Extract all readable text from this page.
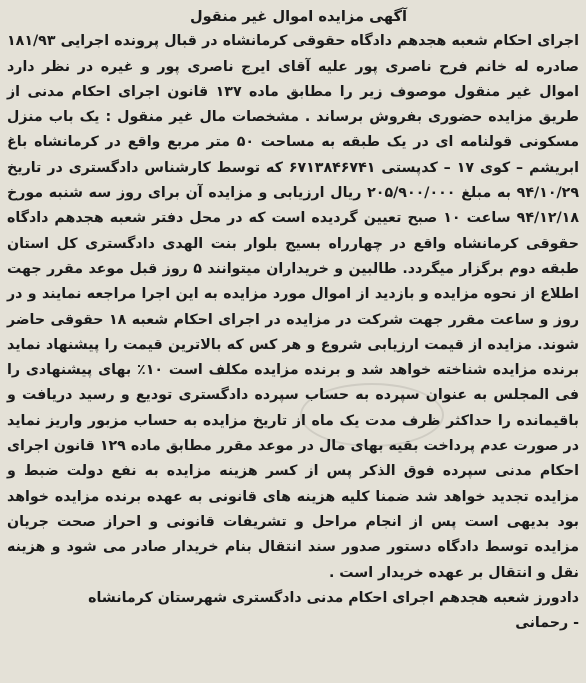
آگهی مزایده اموال غیر منقول

اجرای احکام شعبه هجدهم دادگاه حقوقی کرمانشاه در قبال پرونده اجرایی ۱۸۱/۹۳ صادره له خانم فرح ناصری پور علیه آقای ایرج ناصری پور و غیره در نظر دارد اموال غیر منقول موصوف زیر را مطابق ماده ۱۳۷ قانون اجرای احکام مدنی از طریق مزایده حضوری بفروش برساند . مشخصات مال غیر منقول : یک باب منزل مسکونی قولنامه ای در یک طبقه به مساحت ۵۰ متر مربع واقع در کرمانشاه باغ ابریشم – کوی ۱۷ – کدپستی ۶۷۱۳۸۴۶۷۴۱ که توسط کارشناس دادگستری در تاریخ ۹۴/۱۰/۲۹ به مبلغ ۲۰۵/۹۰۰/۰۰۰ ریال ارزیابی و مزایده آن برای روز سه شنبه مورخ ۹۴/۱۲/۱۸ ساعت ۱۰ صبح تعیین گردیده است که در محل دفتر شعبه هجدهم دادگاه حقوقی کرمانشاه واقع در چهارراه بسیج بلوار بنت الهدی دادگستری کل استان طبقه دوم برگزار میگردد. طالبین و خریداران میتوانند ۵ روز قبل موعد مقرر جهت اطلاع از نحوه مزایده و بازدید از اموال مورد مزایده به این اجرا مراجعه نمایند و در روز و ساعت مقرر جهت شرکت در مزایده در اجرای احکام شعبه ۱۸ حقوقی حاضر شوند. مزایده از قیمت ارزیابی شروع و هر کس که بالاترین قیمت را پیشنهاد نماید برنده مزایده شناخته خواهد شد و برنده مزایده مکلف است ۱۰٪ بهای پیشنهادی را فی المجلس به عنوان سپرده به حساب سپرده دادگستری تودیع و رسید دریافت و باقیمانده را حداکثر ظرف مدت یک ماه از تاریخ مزایده به حساب مزبور واریز نماید در صورت عدم پرداخت بقیه بهای مال در موعد مقرر مطابق ماده ۱۲۹ قانون اجرای احکام مدنی سپرده فوق الذکر پس از کسر هزینه مزایده به نفع دولت ضبط و مزایده تجدید خواهد شد ضمنا کلیه هزینه های قانونی به عهده برنده مزایده خواهد بود بدیهی است پس از انجام مراحل و تشریفات قانونی و احراز صحت جریان مزایده توسط دادگاه دستور صدور سند انتقال بنام خریدار صادر می شود و هزینه نقل و انتقال بر عهده خریدار است .

دادورز شعبه هجدهم اجرای احکام مدنی دادگستری شهرستان کرمانشاه
- رحمانی
